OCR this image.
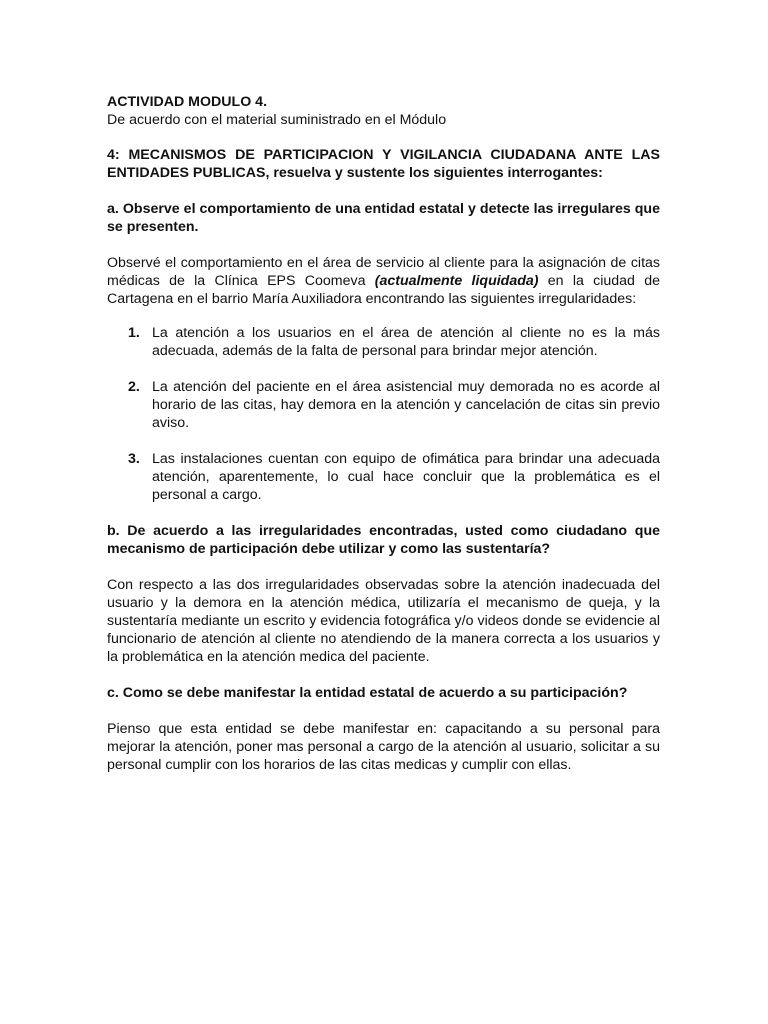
ACTIVIDAD MODULO 4.
De acuerdo con el material suministrado en el Módulo
4: MECANISMOS DE PARTICIPACION Y VIGILANCIA CIUDADANA ANTE LAS ENTIDADES PUBLICAS, resuelva y sustente los siguientes interrogantes:
a. Observe el comportamiento de una entidad estatal y detecte las irregulares que se presenten.
Observé el comportamiento en el área de servicio al cliente para la asignación de citas médicas de la Clínica EPS Coomeva (actualmente liquidada) en la ciudad de Cartagena en el barrio María Auxiliadora encontrando las siguientes irregularidades:
1. La atención a los usuarios en el área de atención al cliente no es la más adecuada, además de la falta de personal para brindar mejor atención.
2. La atención del paciente en el área asistencial muy demorada no es acorde al horario de las citas, hay demora en la atención y cancelación de citas sin previo aviso.
3. Las instalaciones cuentan con equipo de ofimática para brindar una adecuada atención, aparentemente, lo cual hace concluir que la problemática es el personal a cargo.
b. De acuerdo a las irregularidades encontradas, usted como ciudadano que mecanismo de participación debe utilizar y como las sustentaría?
Con respecto a las dos irregularidades observadas sobre la atención inadecuada del usuario y la demora en la atención médica, utilizaría el mecanismo de queja, y la sustentaría mediante un escrito y evidencia fotográfica y/o videos donde se evidencie al funcionario de atención al cliente no atendiendo de la manera correcta a los usuarios y la problemática en la atención medica del paciente.
c. Como se debe manifestar la entidad estatal de acuerdo a su participación?
Pienso que esta entidad se debe manifestar en: capacitando a su personal para mejorar la atención, poner mas personal a cargo de la atención al usuario, solicitar a su personal cumplir con los horarios de las citas medicas y cumplir con ellas.
